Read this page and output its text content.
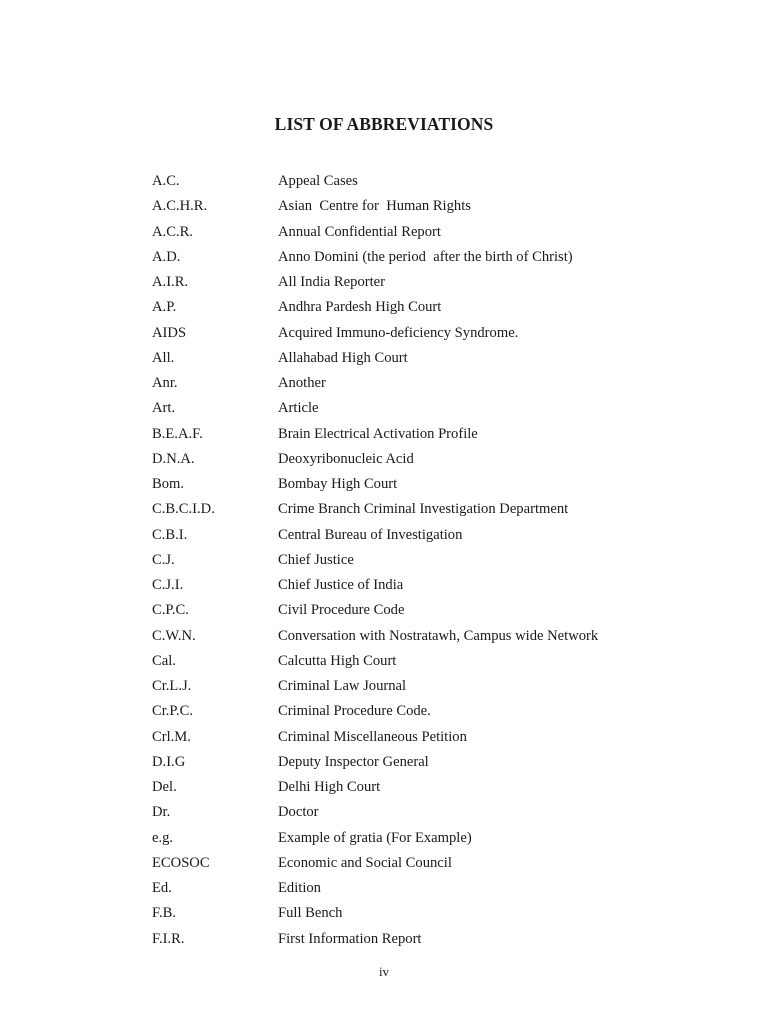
LIST OF ABBREVIATIONS
A.C.	Appeal Cases
A.C.H.R.	Asian  Centre for  Human Rights
A.C.R.	Annual Confidential Report
A.D.	Anno Domini (the period  after the birth of Christ)
A.I.R.	All India Reporter
A.P.	Andhra Pardesh High Court
AIDS	Acquired Immuno-deficiency Syndrome.
All.	Allahabad High Court
Anr.	Another
Art.	Article
B.E.A.F.	Brain Electrical Activation Profile
D.N.A.	Deoxyribonucleic Acid
Bom.	Bombay High Court
C.B.C.I.D.	Crime Branch Criminal Investigation Department
C.B.I.	Central Bureau of Investigation
C.J.	Chief Justice
C.J.I.	Chief Justice of India
C.P.C.	Civil Procedure Code
C.W.N.	Conversation with Nostratawh, Campus wide Network
Cal.	Calcutta High Court
Cr.L.J.	Criminal Law Journal
Cr.P.C.	Criminal Procedure Code.
Crl.M.	Criminal Miscellaneous Petition
D.I.G	Deputy Inspector General
Del.	Delhi High Court
Dr.	Doctor
e.g.	Example of gratia (For Example)
ECOSOC	Economic and Social Council
Ed.	Edition
F.B.	Full Bench
F.I.R.	First Information Report
iv
